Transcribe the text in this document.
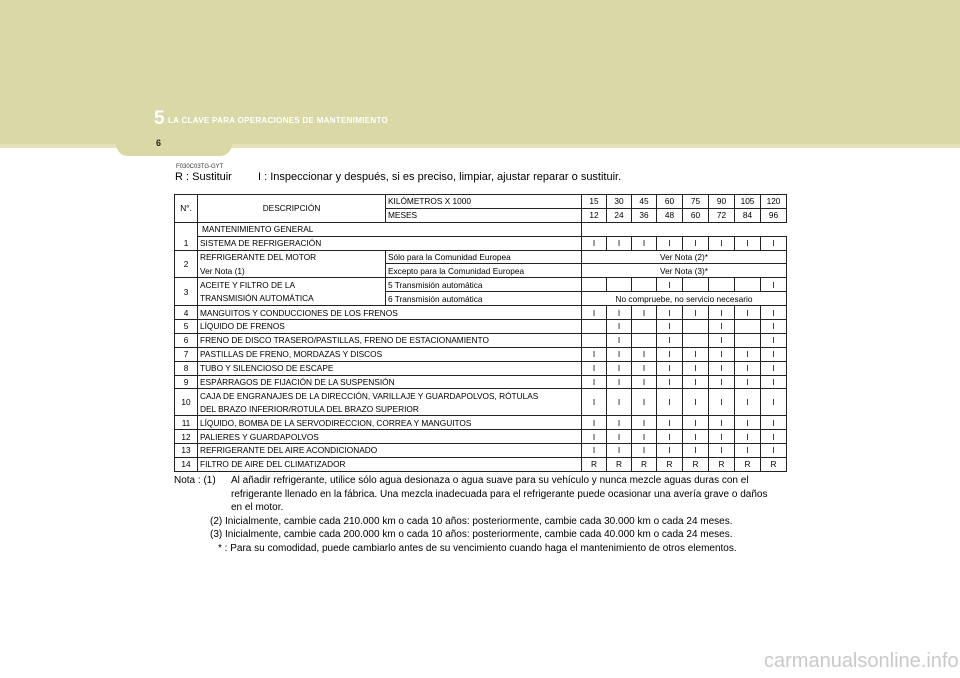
5 LA CLAVE PARA OPERACIONES DE MANTENIMIENTO
6
F030C03TG-GYT
R : Sustituir I : Inspeccionar y después, si es preciso, limpiar, ajustar reparar o sustituir.
N°.	DESCRIPCIÓN	KILÓMETROS X 1000	15	30	45	60	75	90	105	120
		MESES	12	24	36	48	60	72	84	96
	MANTENIMIENTO GENERAL									
1	SISTEMA DE REFRIGERACIÓN		I	I	I	I	I	I	I	I
2	REFRIGERANTE DEL MOTOR	Sólo para la Comunidad Europea	Ver Nota (2)*							
	Ver Nota (1)	Excepto para la Comunidad Europea	Ver Nota (3)*							
3	ACEITE Y FILTRO DE LA	5 Transmisión automática				I				I
	TRANSMISIÓN AUTOMÁTICA	6 Transmisión automática	No compruebe, no servicio necesario							
4	MANGUITOS Y CONDUCCIONES DE LOS FRENOS		I	I	I	I	I	I	I	I
5	LÍQUIDO DE FRENOS			I		I		I		I
6	FRENO DE DISCO TRASERO/PASTILLAS, FRENO DE ESTACIONAMIENTO			I		I		I		I
7	PASTILLAS DE FRENO, MORDAZAS Y DISCOS		I	I	I	I	I	I	I	I
8	TUBO Y SILENCIOSO DE ESCAPE		I	I	I	I	I	I	I	I
9	ESPÁRRAGOS DE FIJACIÓN DE LA SUSPENSIÓN		I	I	I	I	I	I	I	I
10	CAJA DE ENGRANAJES DE LA DIRECCIÓN, VARILLAJE Y GUARDAPOLVOS, RÓTULAS		I	I	I	I	I	I	I	I
	DEL BRAZO INFERIOR/ROTULA DEL BRAZO SUPERIOR									
11	LÍQUIDO, BOMBA DE LA SERVODIRECCION, CORREA Y MANGUITOS		I	I	I	I	I	I	I	I
12	PALIERES Y GUARDAPOLVOS		I	I	I	I	I	I	I	I
13	REFRIGERANTE DEL AIRE ACONDICIONADO		I	I	I	I	I	I	I	I
14	FILTRO DE AIRE DEL CLIMATIZADOR		R	R	R	R	R	R	R	R
Nota : (1) Al añadir refrigerante, utilice sólo agua desionaza o agua suave para su vehículo y nunca mezcle aguas duras con el
refrigerante llenado en la fábrica. Una mezcla inadecuada para el refrigerante puede ocasionar una avería grave o daños
en el motor.
(2) Inicialmente, cambie cada 210.000 km o cada 10 años: posteriormente, cambie cada 30.000 km o cada 24 meses.
(3) Inicialmente, cambie cada 200.000 km o cada 10 años: posteriormente, cambie cada 40.000 km o cada 24 meses.
* : Para su comodidad, puede cambiarlo antes de su vencimiento cuando haga el mantenimiento de otros elementos.
carmanualsonline.info
